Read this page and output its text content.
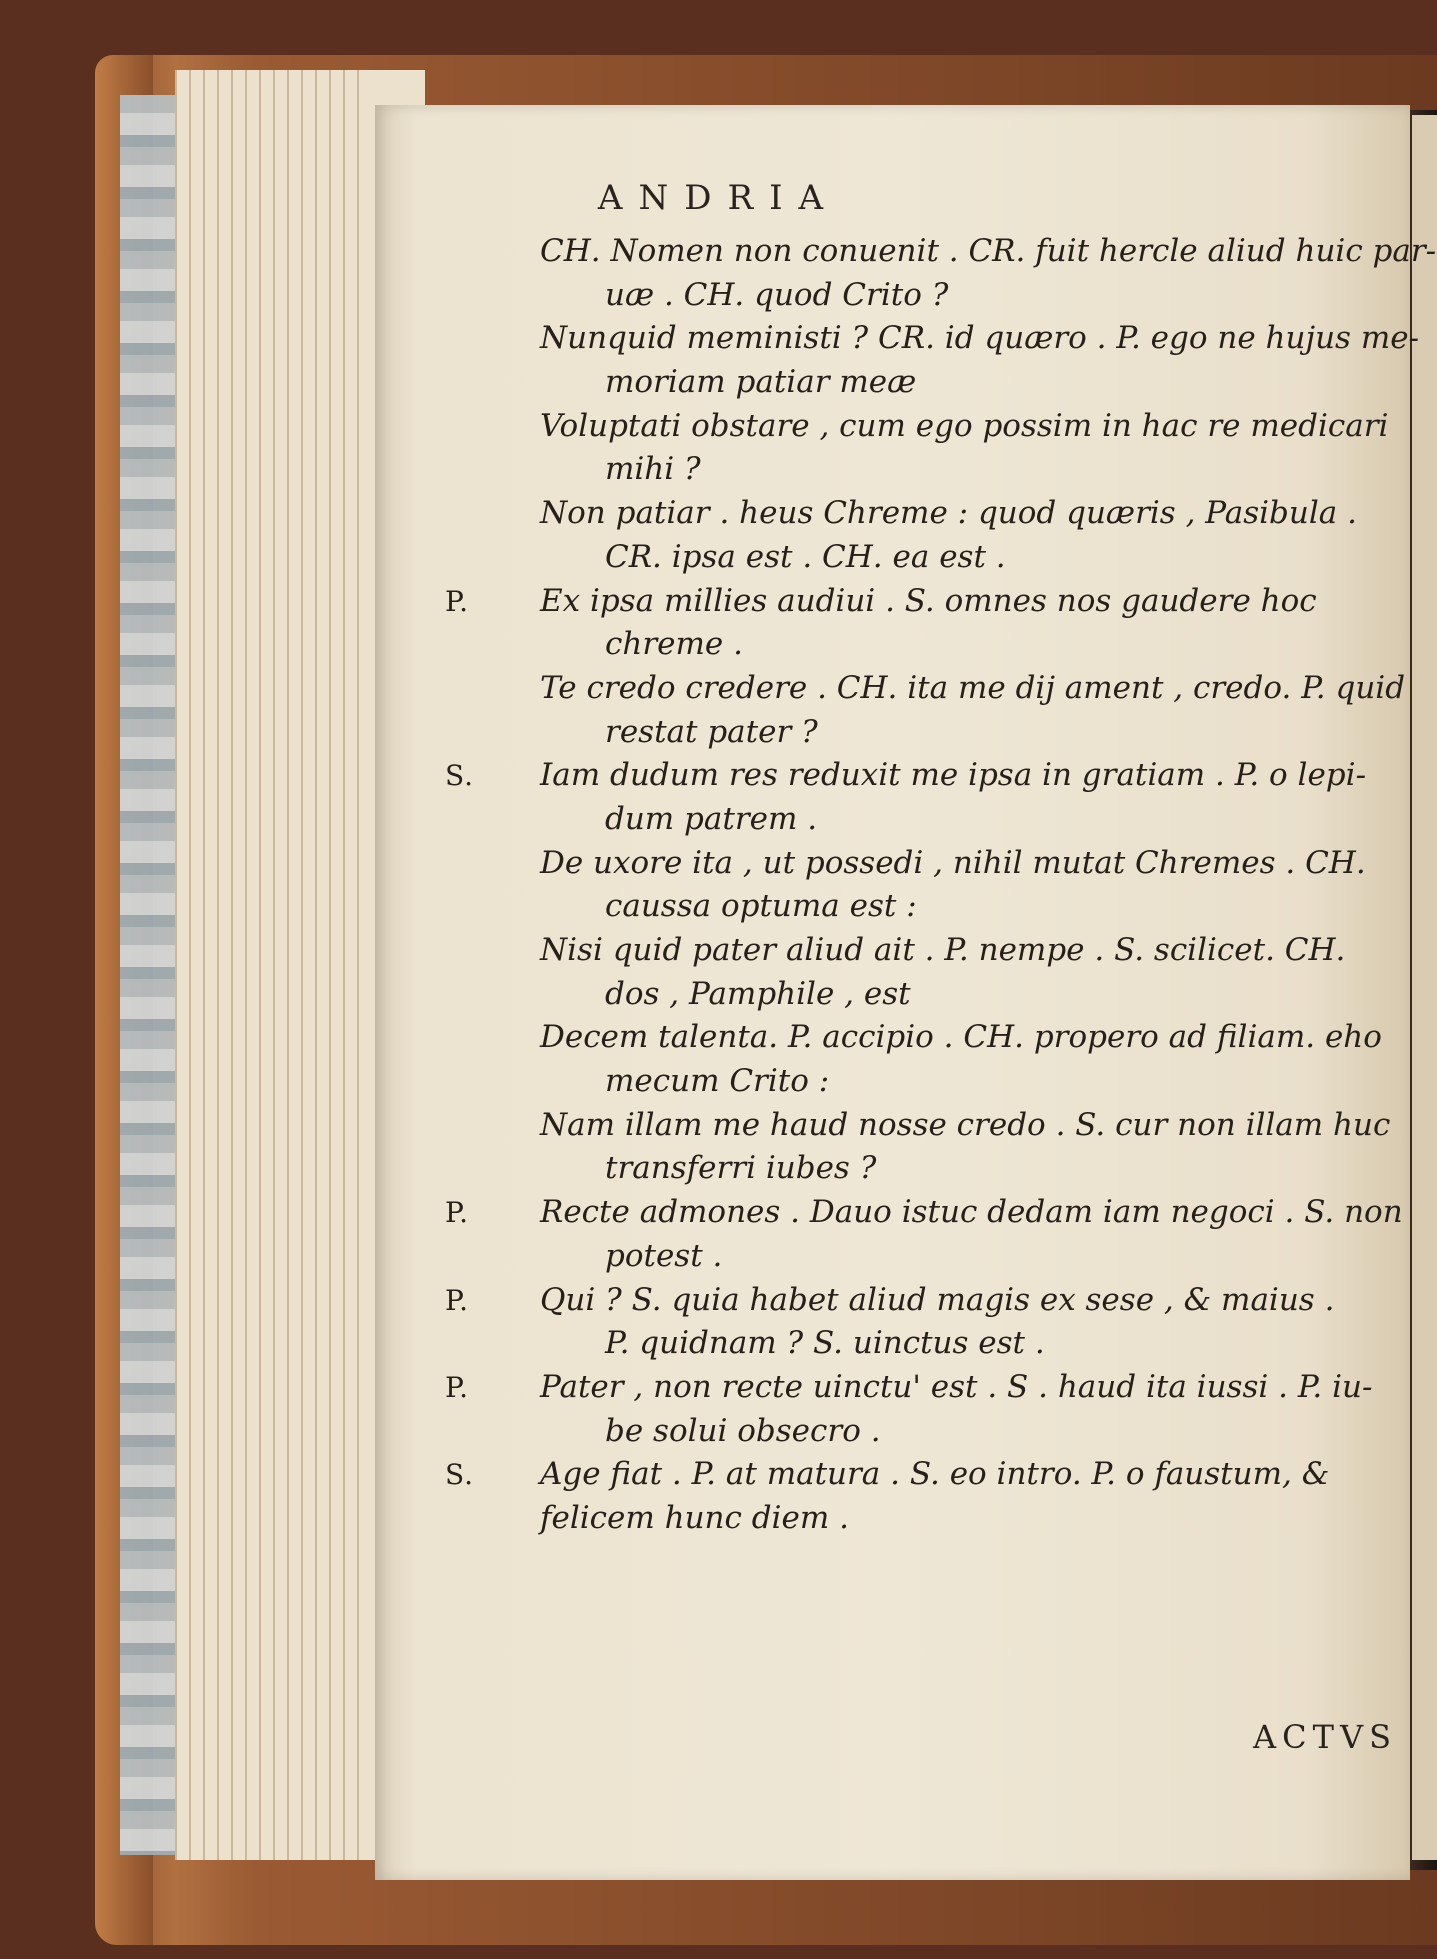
ANDRIA
CH. Nomen non conuenit . CR. fuit hercle aliud huic par-
uæ . CH. quod Crito ?
Nunquid meministi ? CR. id quæro . P. ego ne hujus me-
moriam patiar meæ
Voluptati obstare , cum ego possim in hac re medicari
mihi ?
Non patiar . heus Chreme : quod quæris , Pasibula .
CR. ipsa est . CH. ea est .
P. Ex ipsa millies audiui . S. omnes nos gaudere hoc
chreme .
Te credo credere . CH. ita me dij ament , credo. P. quid
restat pater ?
S. Iam dudum res reduxit me ipsa in gratiam . P. o lepi-
dum patrem .
De uxore ita , ut possedi , nihil mutat Chremes . CH.
caussa optuma est :
Nisi quid pater aliud ait . P. nempe . S. scilicet. CH.
dos , Pamphile , est
Decem talenta. P. accipio . CH. propero ad filiam. eho
mecum Crito :
Nam illam me haud nosse credo . S. cur non illam huc
transferri iubes ?
P. Recte admones . Dauo istuc dedam iam negoci . S. non
potest .
P. Qui ? S. quia habet aliud magis ex sese , & maius .
P. quidnam ? S. uinctus est .
P. Pater , non recte uinctu' est . S . haud ita iussi . P. iu-
be solui obsecro .
S. Age fiat . P. at matura . S. eo intro. P. o faustum, &
felicem hunc diem .
ACTVS
